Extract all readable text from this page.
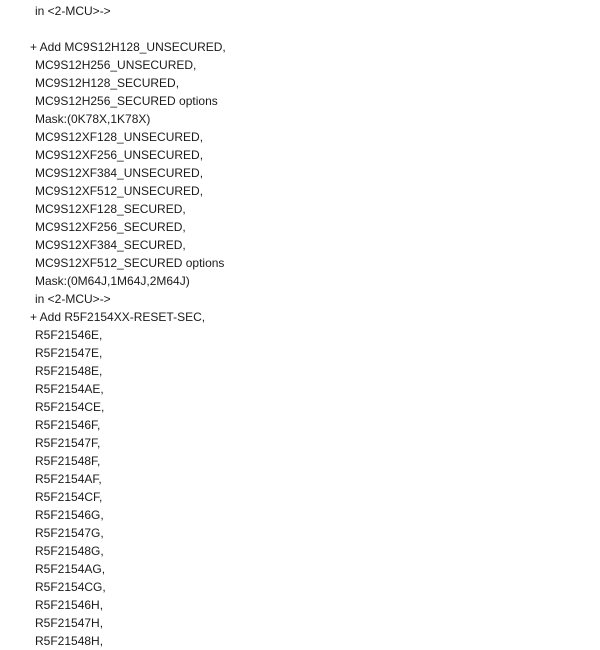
in <2-MCU>->
+ Add MC9S12H128_UNSECURED,
MC9S12H256_UNSECURED,
MC9S12H128_SECURED,
MC9S12H256_SECURED options
Mask:(0K78X,1K78X)
MC9S12XF128_UNSECURED,
MC9S12XF256_UNSECURED,
MC9S12XF384_UNSECURED,
MC9S12XF512_UNSECURED,
MC9S12XF128_SECURED,
MC9S12XF256_SECURED,
MC9S12XF384_SECURED,
MC9S12XF512_SECURED options
Mask:(0M64J,1M64J,2M64J)
in <2-MCU>->
+ Add R5F2154XX-RESET-SEC,
R5F21546E,
R5F21547E,
R5F21548E,
R5F2154AE,
R5F2154CE,
R5F21546F,
R5F21547F,
R5F21548F,
R5F2154AF,
R5F2154CF,
R5F21546G,
R5F21547G,
R5F21548G,
R5F2154AG,
R5F2154CG,
R5F21546H,
R5F21547H,
R5F21548H,
